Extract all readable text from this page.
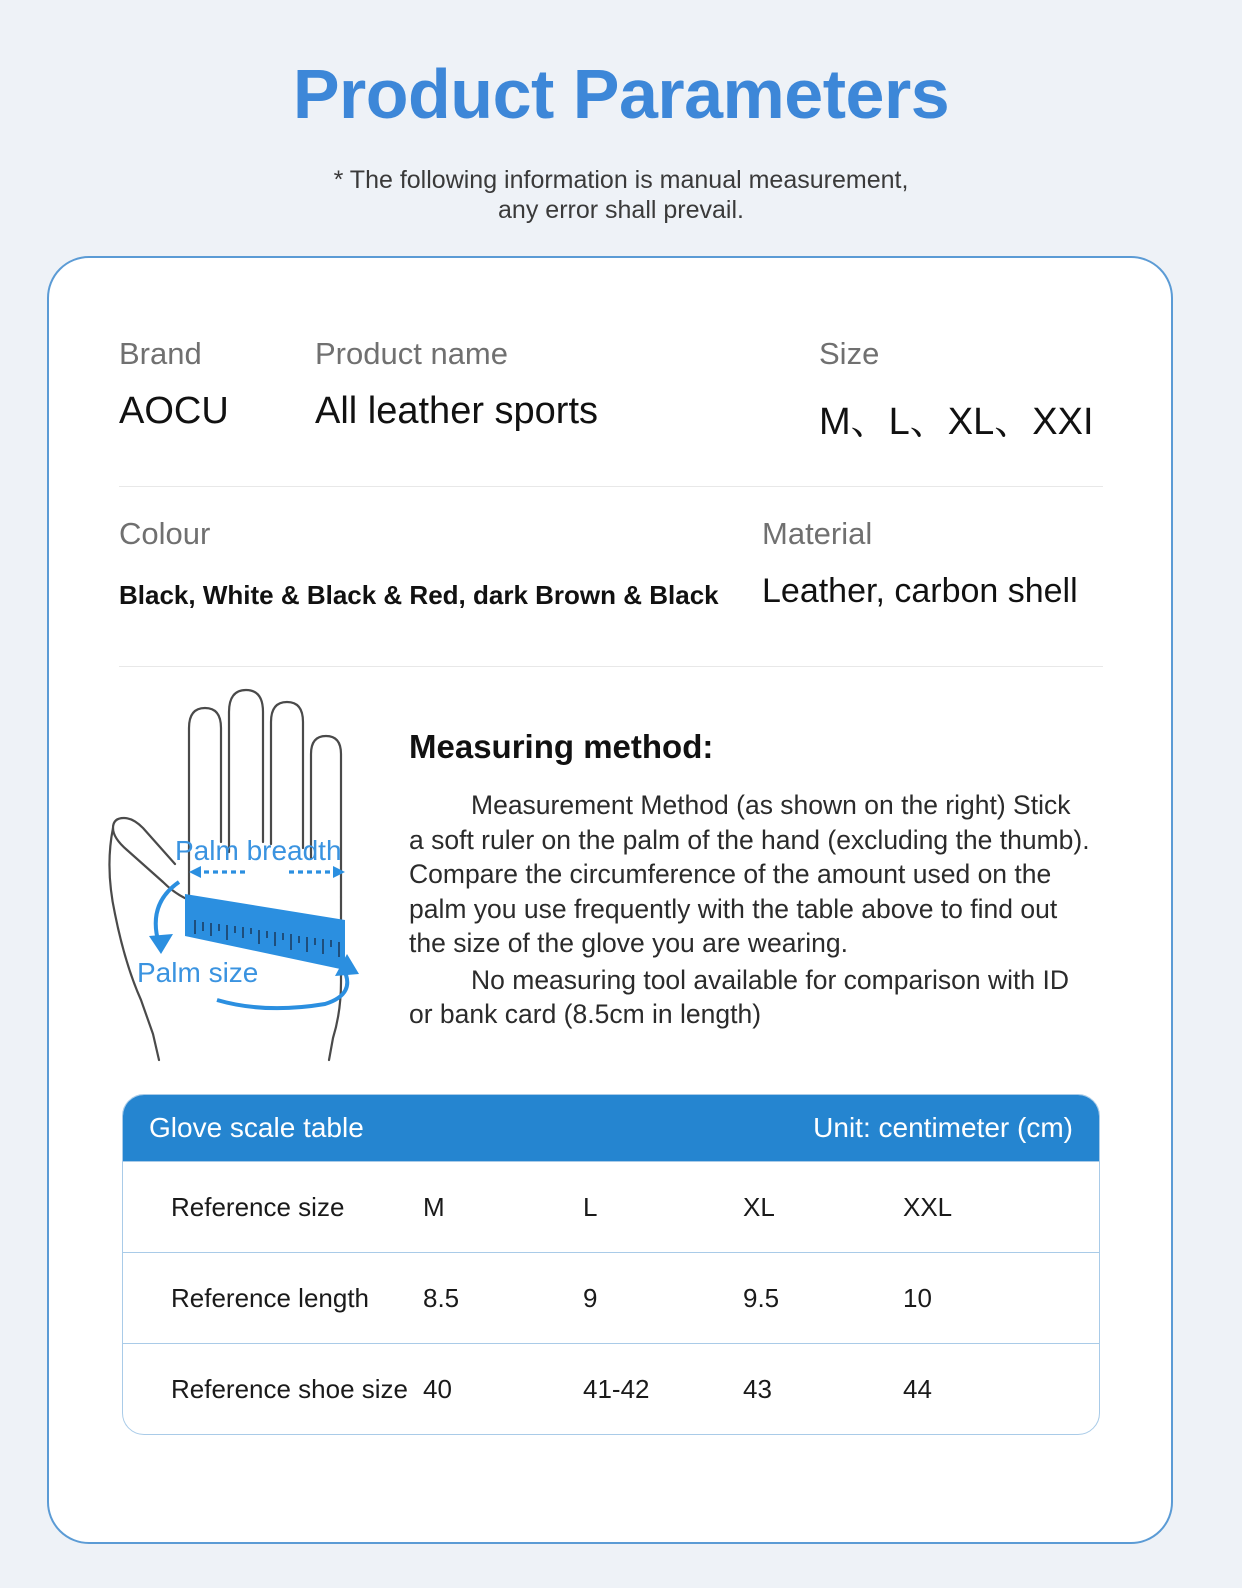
Product Parameters
* The following information is manual measurement,
any error shall prevail.
Brand
AOCU
Product name
All leather sports
Size
M、L、XL、XXI
Colour
Black, White & Black & Red, dark Brown & Black
Material
Leather, carbon shell
Palm breadth
Palm size
Measuring method:

Measurement Method (as shown on the right) Stick a soft ruler on the palm of the hand (excluding the thumb). Compare the circumference of the amount used on the palm you use frequently with the table above to find out the size of the glove you are wearing.

No measuring tool available for comparison with ID or bank card (8.5cm in length)

Glove scale table	Unit: centimeter (cm)
Reference size	M	L	XL	XXL
Reference length	8.5	9	9.5	10
Reference shoe size 40	41-42	43	44
